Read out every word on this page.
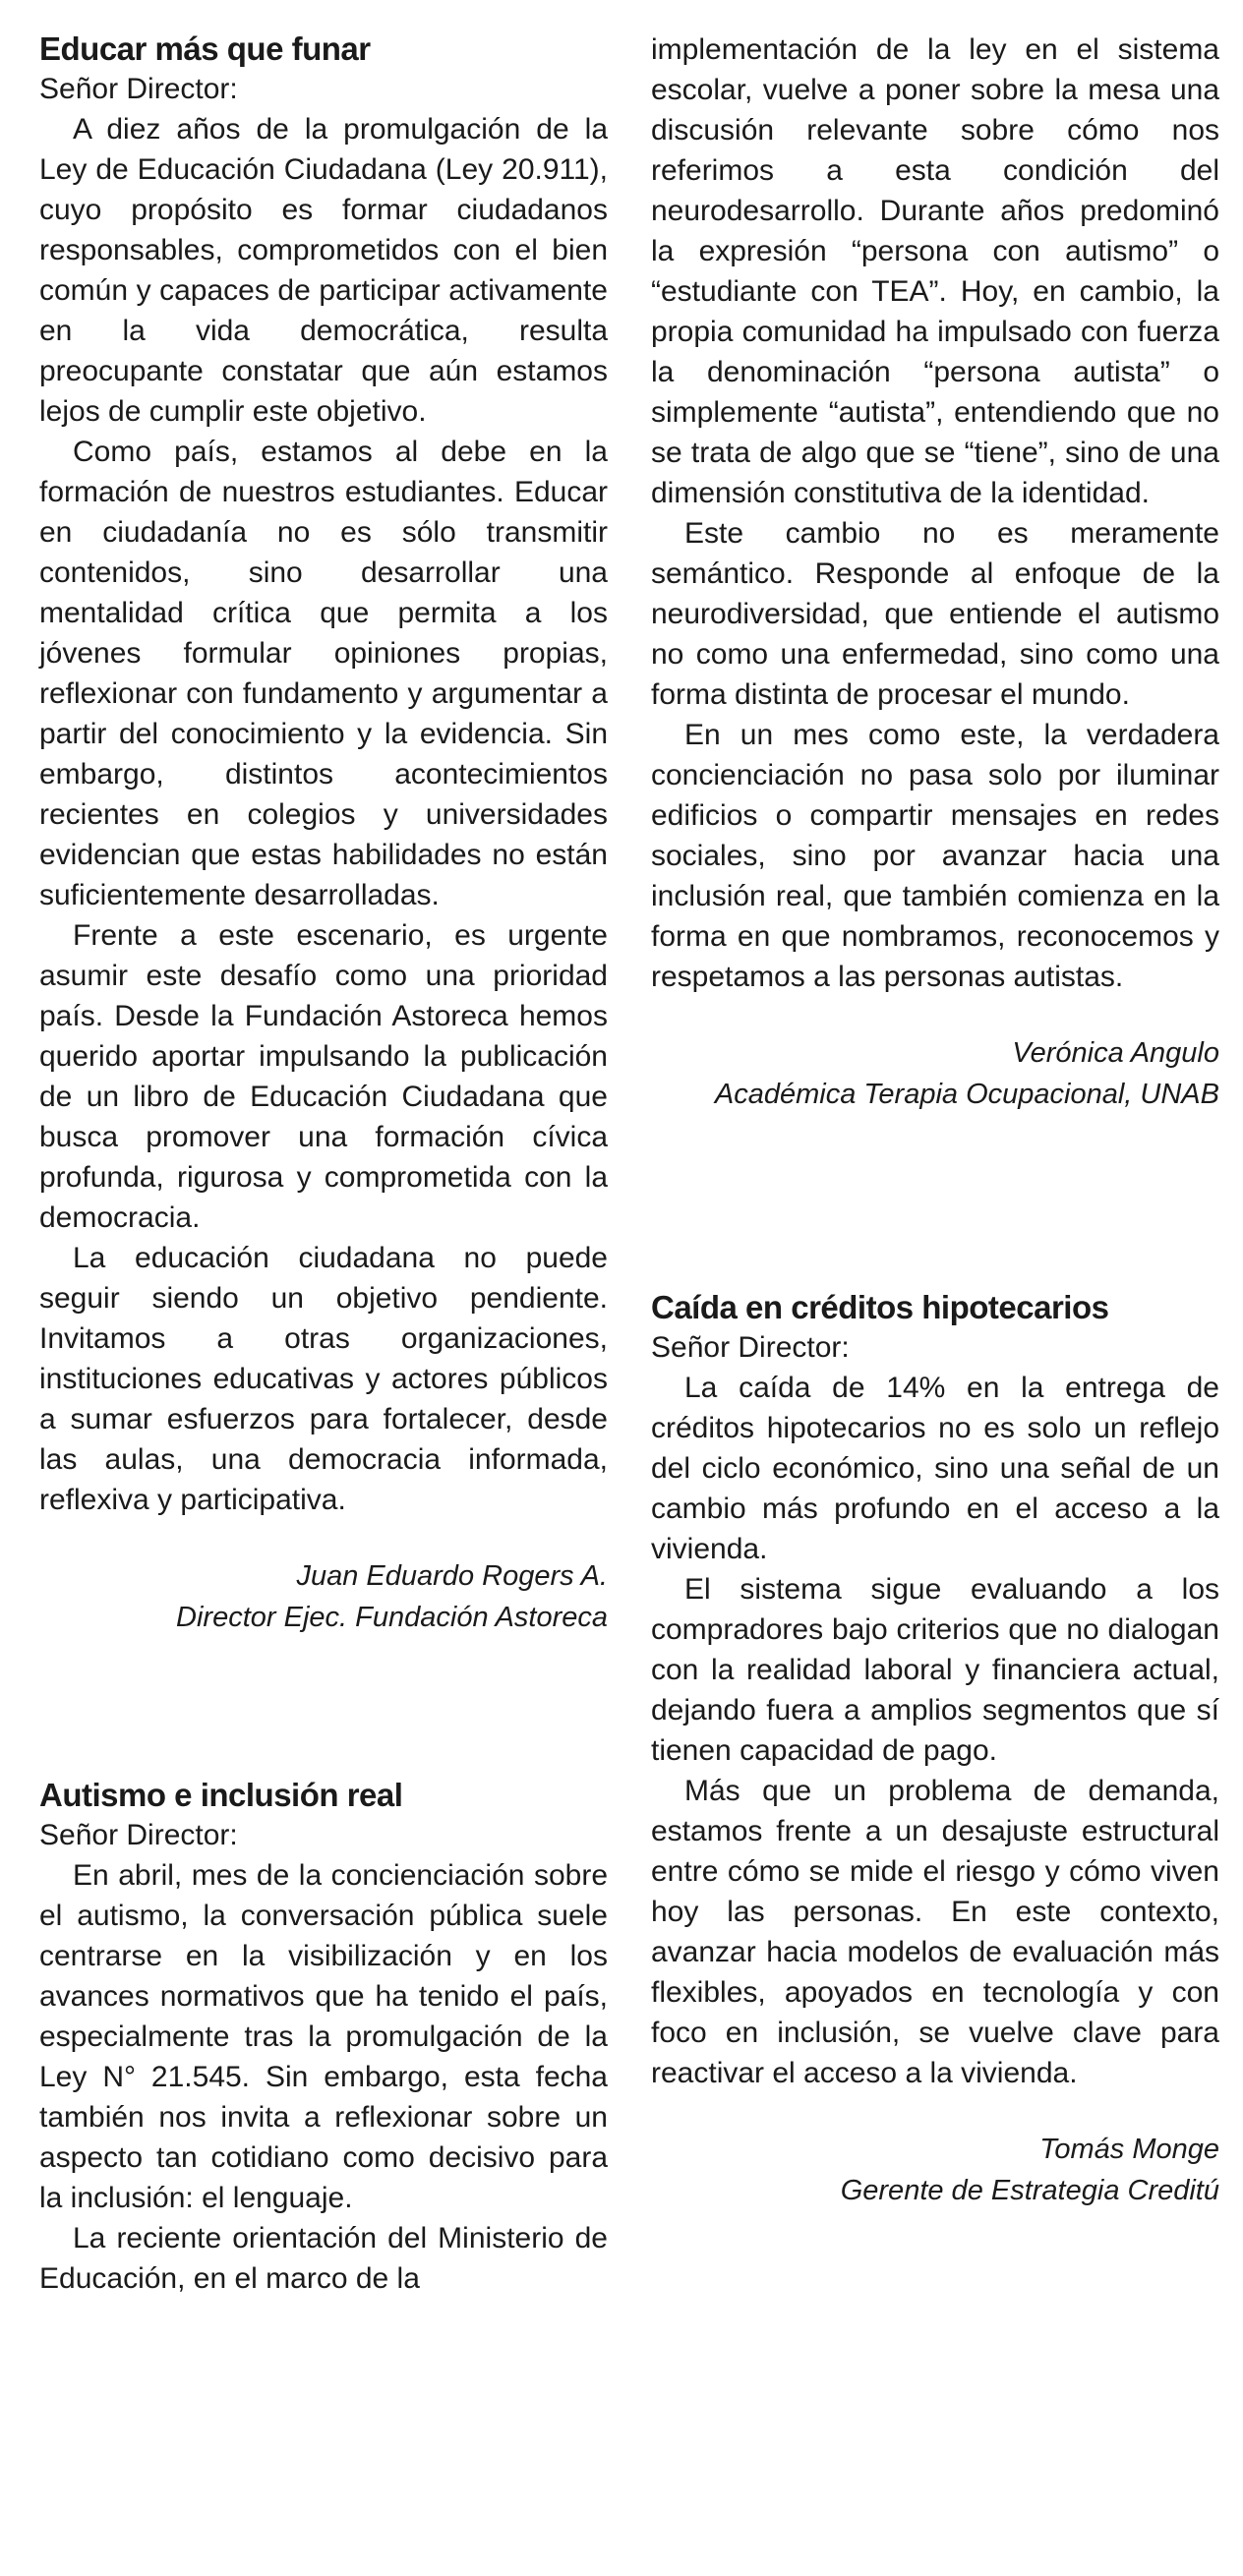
Educar más que funar
Señor Director:

A diez años de la promulgación de la Ley de Educación Ciudadana (Ley 20.911), cuyo propósito es formar ciudadanos responsables, comprometidos con el bien común y capaces de participar activamente en la vida democrática, resulta preocupante constatar que aún estamos lejos de cumplir este objetivo.

Como país, estamos al debe en la formación de nuestros estudiantes. Educar en ciudadanía no es sólo transmitir contenidos, sino desarrollar una mentalidad crítica que permita a los jóvenes formular opiniones propias, reflexionar con fundamento y argumentar a partir del conocimiento y la evidencia. Sin embargo, distintos acontecimientos recientes en colegios y universidades evidencian que estas habilidades no están suficientemente desarrolladas.

Frente a este escenario, es urgente asumir este desafío como una prioridad país. Desde la Fundación Astoreca hemos querido aportar impulsando la publicación de un libro de Educación Ciudadana que busca promover una formación cívica profunda, rigurosa y comprometida con la democracia.

La educación ciudadana no puede seguir siendo un objetivo pendiente. Invitamos a otras organizaciones, instituciones educativas y actores públicos a sumar esfuerzos para fortalecer, desde las aulas, una democracia informada, reflexiva y participativa.

Juan Eduardo Rogers A.
Director Ejec. Fundación Astoreca
Autismo e inclusión real
Señor Director:

En abril, mes de la concienciación sobre el autismo, la conversación pública suele centrarse en la visibilización y en los avances normativos que ha tenido el país, especialmente tras la promulgación de la Ley N° 21.545. Sin embargo, esta fecha también nos invita a reflexionar sobre un aspecto tan cotidiano como decisivo para la inclusión: el lenguaje.

La reciente orientación del Ministerio de Educación, en el marco de la

implementación de la ley en el sistema escolar, vuelve a poner sobre la mesa una discusión relevante sobre cómo nos referimos a esta condición del neurodesarrollo. Durante años predominó la expresión “persona con autismo” o “estudiante con TEA”. Hoy, en cambio, la propia comunidad ha impulsado con fuerza la denominación “persona autista” o simplemente “autista”, entendiendo que no se trata de algo que se “tiene”, sino de una dimensión constitutiva de la identidad.

Este cambio no es meramente semántico. Responde al enfoque de la neurodiversidad, que entiende el autismo no como una enfermedad, sino como una forma distinta de procesar el mundo.

En un mes como este, la verdadera concienciación no pasa solo por iluminar edificios o compartir mensajes en redes sociales, sino por avanzar hacia una inclusión real, que también comienza en la forma en que nombramos, reconocemos y respetamos a las personas autistas.

Verónica Angulo
Académica Terapia Ocupacional, UNAB
Caída en créditos hipotecarios
Señor Director:

La caída de 14% en la entrega de créditos hipotecarios no es solo un reflejo del ciclo económico, sino una señal de un cambio más profundo en el acceso a la vivienda.

El sistema sigue evaluando a los compradores bajo criterios que no dialogan con la realidad laboral y financiera actual, dejando fuera a amplios segmentos que sí tienen capacidad de pago.

Más que un problema de demanda, estamos frente a un desajuste estructural entre cómo se mide el riesgo y cómo viven hoy las personas. En este contexto, avanzar hacia modelos de evaluación más flexibles, apoyados en tecnología y con foco en inclusión, se vuelve clave para reactivar el acceso a la vivienda.

Tomás Monge
Gerente de Estrategia Creditú
